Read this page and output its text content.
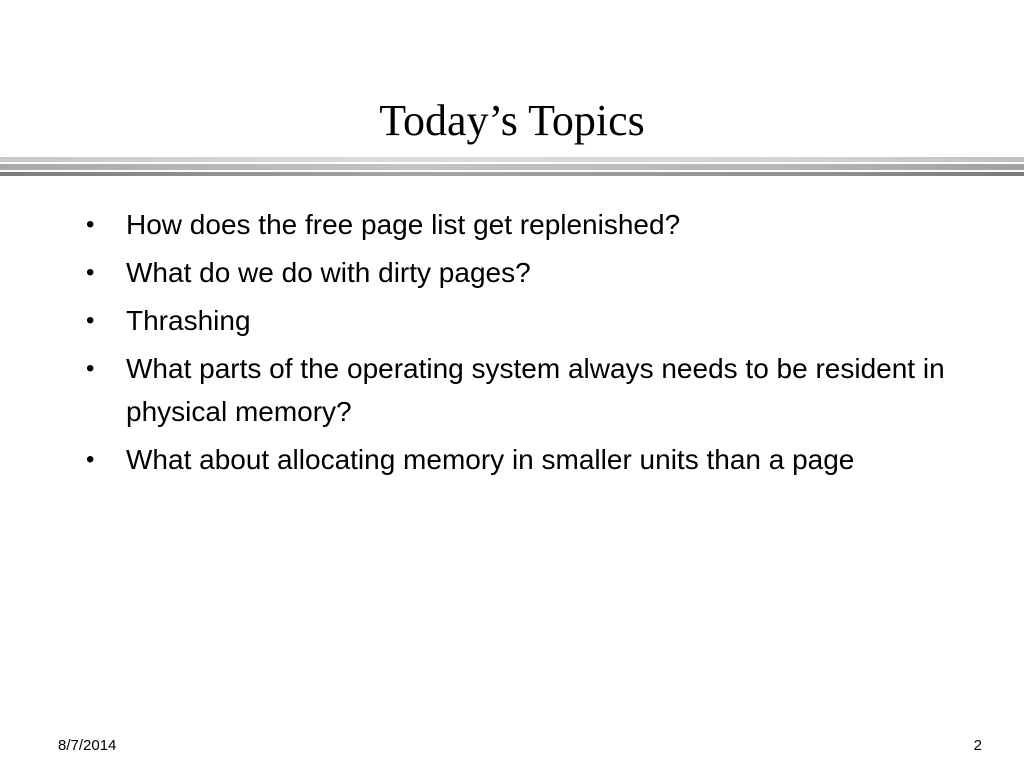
Today’s Topics
•	How does the free page list get replenished?
•	What do we do with dirty pages?
•	Thrashing
•	What parts of the operating system always needs to be resident in physical memory?
•	What about allocating memory in smaller units than a page
8/7/2014	2
